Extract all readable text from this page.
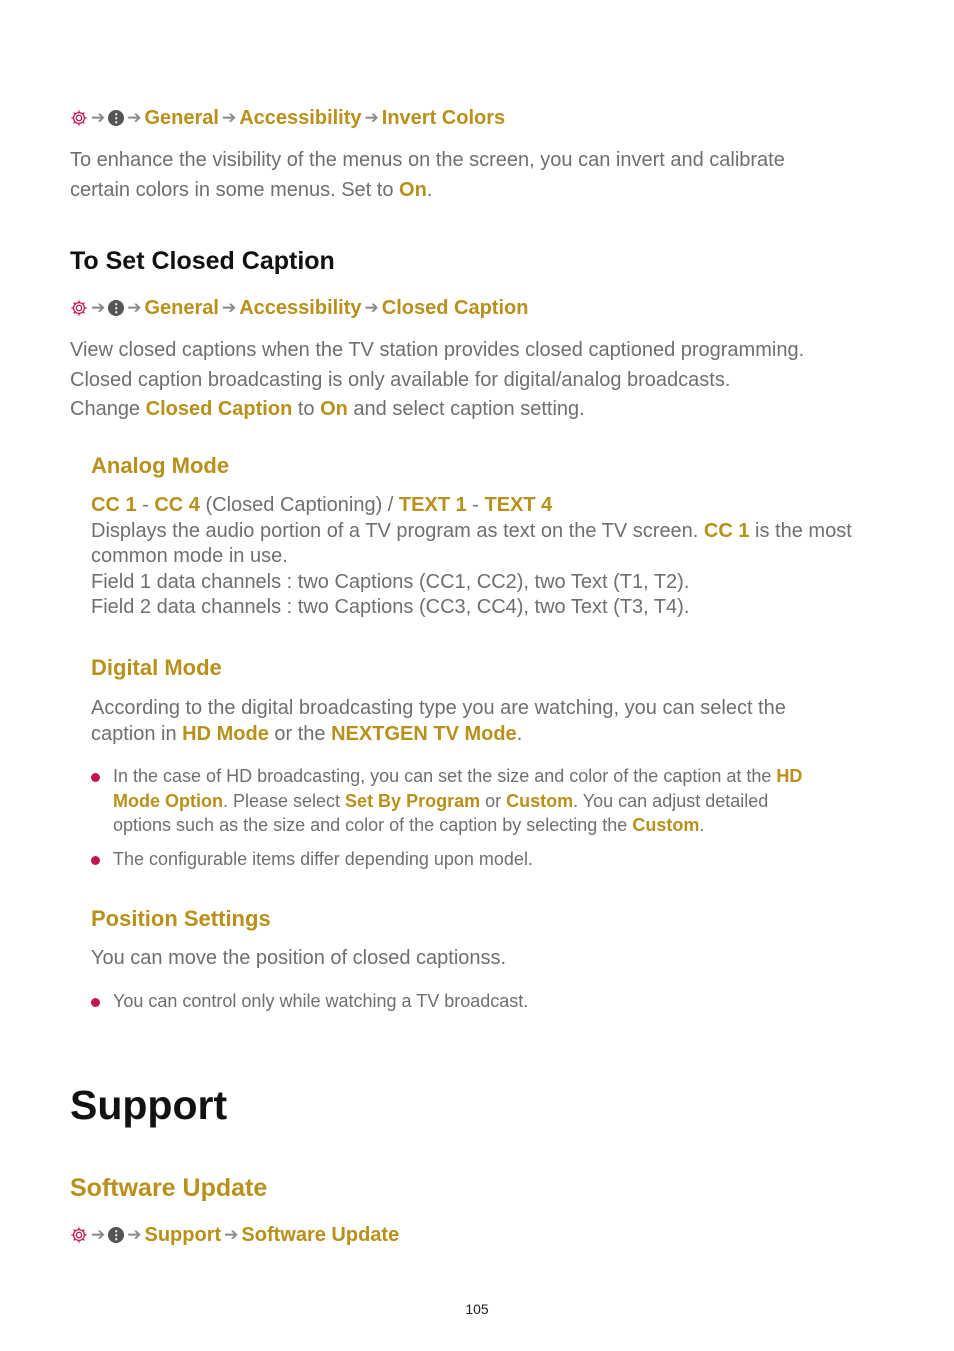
➔ ⋮ ➔ General ➔ Accessibility ➔ Invert Colors
To enhance the visibility of the menus on the screen, you can invert and calibrate
certain colors in some menus. Set to On.
To Set Closed Caption
➔ ⋮ ➔ General ➔ Accessibility ➔ Closed Caption
View closed captions when the TV station provides closed captioned programming.
Closed caption broadcasting is only available for digital/analog broadcasts.
Change Closed Caption to On and select caption setting.
Analog Mode
CC 1 - CC 4 (Closed Captioning) / TEXT 1 - TEXT 4
Displays the audio portion of a TV program as text on the TV screen. CC 1 is the most
common mode in use.
Field 1 data channels : two Captions (CC1, CC2), two Text (T1, T2).
Field 2 data channels : two Captions (CC3, CC4), two Text (T3, T4).
Digital Mode
According to the digital broadcasting type you are watching, you can select the
caption in HD Mode or the NEXTGEN TV Mode.
In the case of HD broadcasting, you can set the size and color of the caption at the HD
Mode Option. Please select Set By Program or Custom. You can adjust detailed
options such as the size and color of the caption by selecting the Custom.
The configurable items differ depending upon model.
Position Settings
You can move the position of closed captionss.
You can control only while watching a TV broadcast.
Support
Software Update
➔ ⋮ ➔ Support ➔ Software Update
105
